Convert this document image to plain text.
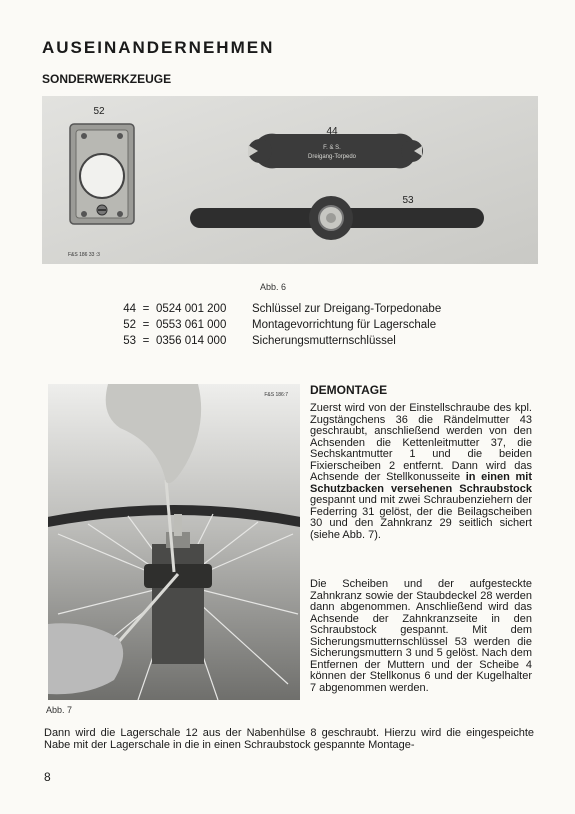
AUSEINANDERNEHMEN
SONDERWERKZEUGE
F. & S.
Dreigang-Torpedo
52
44
53
F&S 186 33 :3
Abb. 6
44	=	0524 001 200	Schlüssel zur Dreigang-Torpedonabe
52	=	0553 061 000	Montagevorrichtung für Lagerschale
53	=	0356 014 000	Sicherungsmutternschlüssel
F&S 186:7
Abb. 7
DEMONTAGE

Zuerst wird von der Einstellschraube des kpl. Zugstängchens 36 die Rändelmutter 43 geschraubt, anschließend werden von den Achsenden die Kettenleitmutter 37, die Sechskantmutter 1 und die beiden Fixierscheiben 2 entfernt. Dann wird das Achsende der Stellkonusseite in einen mit Schutzbacken versehenen Schraubstock gespannt und mit zwei Schraubenziehern der Federring 31 gelöst, der die Beilagscheiben 30 und den Zahnkranz 29 seitlich sichert (siehe Abb. 7).

Die Scheiben und der aufgesteckte Zahnkranz sowie der Staubdeckel 28 werden dann abgenommen. Anschließend wird das Achsende der Zahnkranzseite in den Schraubstock gespannt. Mit dem Sicherungsmutternschlüssel 53 werden die Sicherungsmuttern 3 und 5 gelöst. Nach dem Entfernen der Muttern und der Scheibe 4 können der Stellkonus 6 und der Kugelhalter 7 abgenommen werden.

Dann wird die Lagerschale 12 aus der Nabenhülse 8 geschraubt. Hierzu wird die eingespeichte Nabe mit der Lagerschale in die in einen Schraubstock gespannte Montage-

8
